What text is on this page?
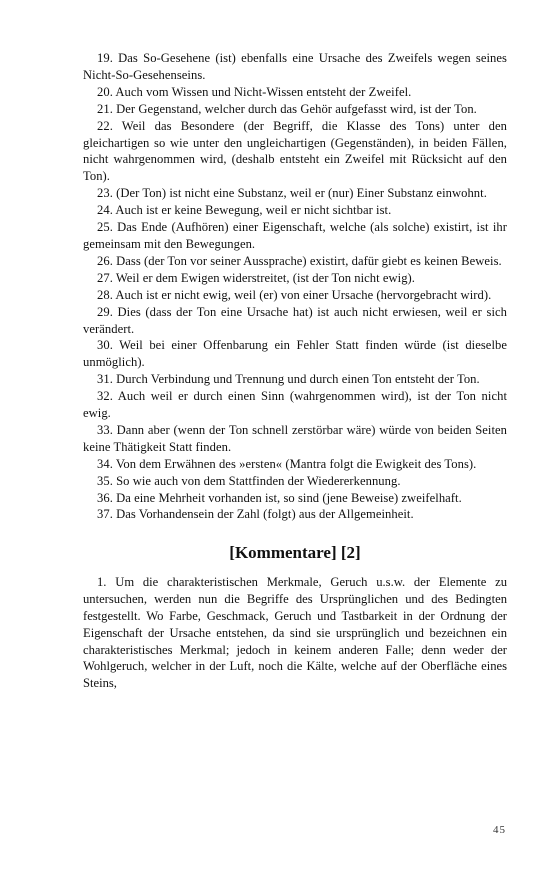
19. Das So-Gesehene (ist) ebenfalls eine Ursache des Zweifels wegen seines Nicht-So-Gesehenseins.

20. Auch vom Wissen und Nicht-Wissen entsteht der Zweifel.

21. Der Gegenstand, welcher durch das Gehör aufgefasst wird, ist der Ton.

22. Weil das Besondere (der Begriff, die Klasse des Tons) unter den gleichartigen so wie unter den ungleichartigen (Gegenständen), in beiden Fällen, nicht wahrgenommen wird, (deshalb entsteht ein Zweifel mit Rücksicht auf den Ton).

23. (Der Ton) ist nicht eine Substanz, weil er (nur) Einer Substanz einwohnt.

24. Auch ist er keine Bewegung, weil er nicht sichtbar ist.

25. Das Ende (Aufhören) einer Eigenschaft, welche (als solche) existirt, ist ihr gemeinsam mit den Bewegungen.

26. Dass (der Ton vor seiner Aussprache) existirt, dafür giebt es keinen Beweis.

27. Weil er dem Ewigen widerstreitet, (ist der Ton nicht ewig).

28. Auch ist er nicht ewig, weil (er) von einer Ursache (hervorgebracht wird).

29. Dies (dass der Ton eine Ursache hat) ist auch nicht erwiesen, weil er sich verändert.

30. Weil bei einer Offenbarung ein Fehler Statt finden würde (ist dieselbe unmöglich).

31. Durch Verbindung und Trennung und durch einen Ton entsteht der Ton.

32. Auch weil er durch einen Sinn (wahrgenommen wird), ist der Ton nicht ewig.

33. Dann aber (wenn der Ton schnell zerstörbar wäre) würde von beiden Seiten keine Thätigkeit Statt finden.

34. Von dem Erwähnen des »ersten« (Mantra folgt die Ewigkeit des Tons).

35. So wie auch von dem Stattfinden der Wiedererkennung.

36. Da eine Mehrheit vorhanden ist, so sind (jene Beweise) zweifelhaft.

37. Das Vorhandensein der Zahl (folgt) aus der Allgemeinheit.

[Kommentare] [2]

1. Um die charakteristischen Merkmale, Geruch u.s.w. der Elemente zu untersuchen, werden nun die Begriffe des Ursprünglichen und des Bedingten festgestellt. Wo Farbe, Geschmack, Geruch und Tastbarkeit in der Ordnung der Eigenschaft der Ursache entstehen, da sind sie ursprünglich und bezeichnen ein charakteristisches Merkmal; jedoch in keinem anderen Falle; denn weder der Wohlgeruch, welcher in der Luft, noch die Kälte, welche auf der Oberfläche eines Steins,

45
